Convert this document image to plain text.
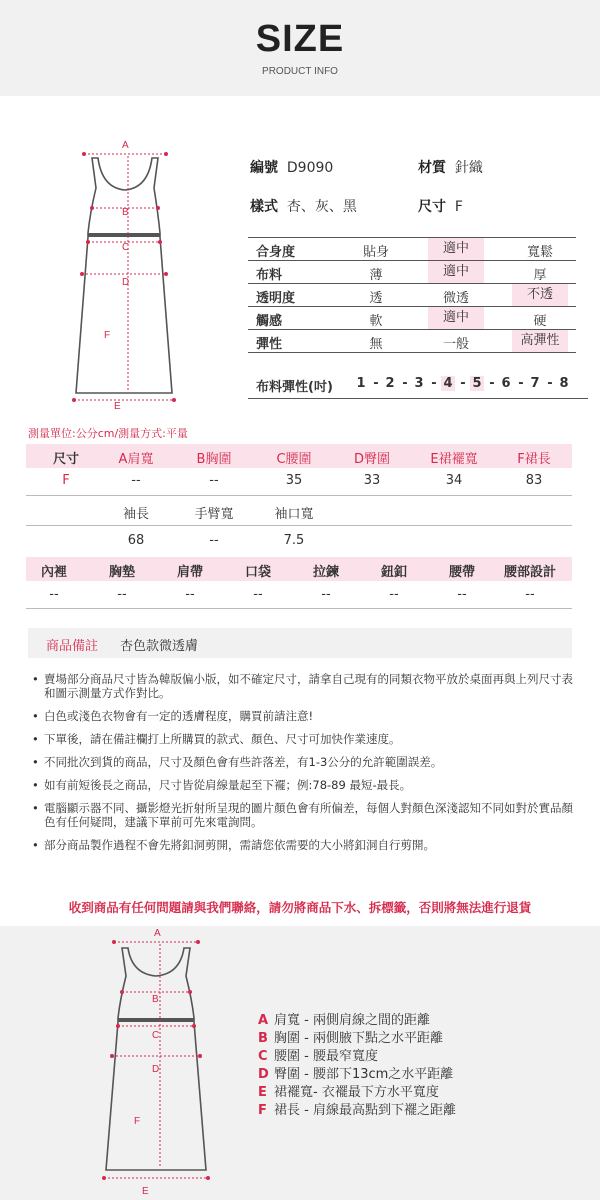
SIZE
PRODUCT INFO
A
B
C
D
F
E
編號 D9090	材質 針織
樣式 杏、灰、黑	尺寸 F
合身度	貼身	適中	寬鬆
布料	薄	適中	厚
透明度	透	微透	不透
觸感	軟	適中	硬
彈性	無	一般	高彈性
布料彈性(吋) 1 - 2 - 3 - 4 - 5 - 6 - 7 - 8
測量單位:公分cm/測量方式:平量
尺寸	A肩寬	B胸圍	C腰圍	D臀圍	E裙襬寬	F裙長
F	--	--	35	33	34	83
袖長	手臂寬	袖口寬
68	--	7.5
內裡	胸墊	肩帶	口袋	拉鍊	鈕釦	腰帶	腰部設計
--	--	--	--	--	--	--	--
商品備註 杏色款微透膚
• 賣場部分商品尺寸皆為韓版偏小版，如不確定尺寸，請拿自己現有的同類衣物平放於桌面再與上列尺寸表和圖示測量方式作對比。
• 白色或淺色衣物會有一定的透膚程度，購買前請注意!
• 下單後，請在備註欄打上所購買的款式、顏色、尺寸可加快作業速度。
• 不同批次到貨的商品，尺寸及顏色會有些許落差，有1-3公分的允許範圍誤差。
• 如有前短後長之商品，尺寸皆從肩線量起至下襬；例:78-89 最短-最長。
• 電腦顯示器不同、攝影燈光折射所呈現的圖片顏色會有所偏差，每個人對顏色深淺認知不同如對於實品顏色有任何疑問，建議下單前可先來電詢問。
• 部分商品製作過程不會先將釦洞剪開，需請您依需要的大小將釦洞自行剪開。
收到商品有任何問題請與我們聯絡，請勿將商品下水、拆標籤，否則將無法進行退貨
A
B
C
D
F
E
A 肩寬 - 兩側肩線之間的距離
B 胸圍 - 兩側腋下點之水平距離
C 腰圍 - 腰最窄寬度
D 臀圍 - 腰部下13cm之水平距離
E 裙襬寬- 衣襬最下方水平寬度
F 裙長 - 肩線最高點到下襬之距離
